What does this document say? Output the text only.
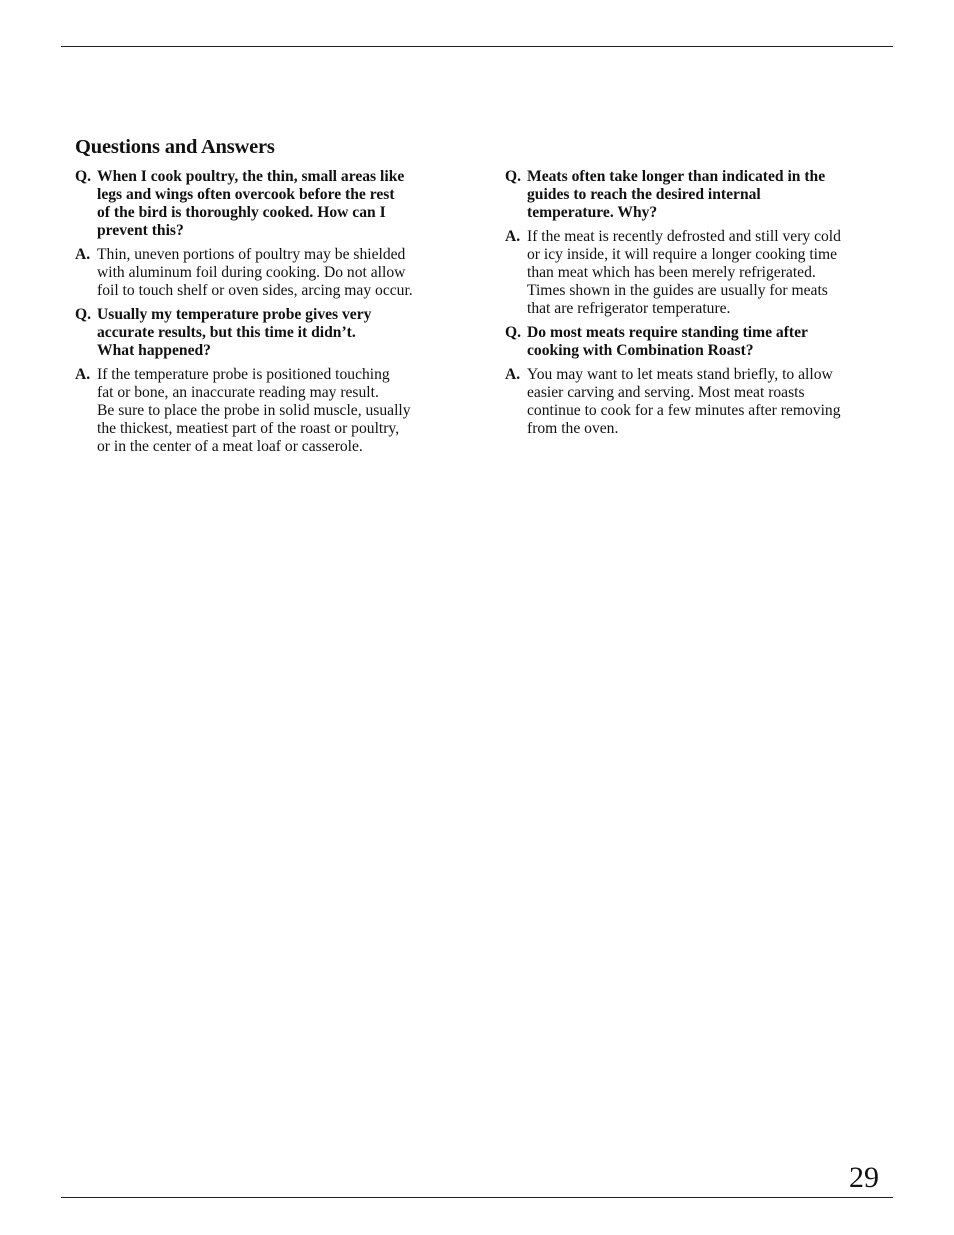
Questions and Answers
Q. When I cook poultry, the thin, small areas like
legs and wings often overcook before the rest
of the bird is thoroughly cooked. How can I
prevent this?
A. Thin, uneven portions of poultry may be shielded
with aluminum foil during cooking. Do not allow
foil to touch shelf or oven sides, arcing may occur.
Q. Usually my temperature probe gives very
accurate results, but this time it didn’t.
What happened?
A. If the temperature probe is positioned touching
fat or bone, an inaccurate reading may result.
Be sure to place the probe in solid muscle, usually
the thickest, meatiest part of the roast or poultry,
or in the center of a meat loaf or casserole.
Q. Meats often take longer than indicated in the
guides to reach the desired internal
temperature. Why?
A. If the meat is recently defrosted and still very cold
or icy inside, it will require a longer cooking time
than meat which has been merely refrigerated.
Times shown in the guides are usually for meats
that are refrigerator temperature.
Q. Do most meats require standing time after
cooking with Combination Roast?
A. You may want to let meats stand briefly, to allow
easier carving and serving. Most meat roasts
continue to cook for a few minutes after removing
from the oven.

29
